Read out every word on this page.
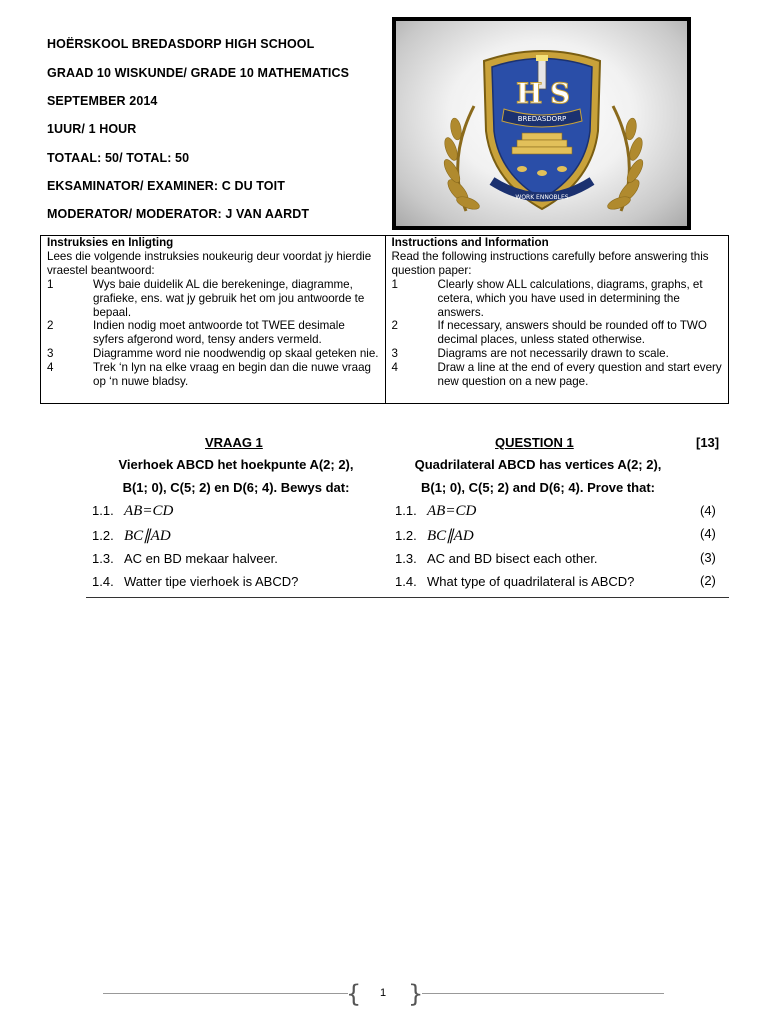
HOËRSKOOL BREDASDORP HIGH SCHOOL
GRAAD 10 WISKUNDE/ GRADE 10 MATHEMATICS
SEPTEMBER 2014
1UUR/ 1 HOUR
TOTAAL: 50/ TOTAL: 50
EKSAMINATOR/ EXAMINER: C DU TOIT
MODERATOR/ MODERATOR: J VAN AARDT
H S
BREDASDORP
WORK ENNOBLES
Instruksies en Inligting
Lees die volgende instruksies noukeurig deur voordat jy hierdie vraestel beantwoord:
1	Wys baie duidelik AL die berekeninge, diagramme, grafieke, ens. wat jy gebruik het om jou antwoorde te bepaal.
2	Indien nodig moet antwoorde tot TWEE desimale syfers afgerond word, tensy anders vermeld.
3	Diagramme word nie noodwendig op skaal geteken nie.
4	Trek ‘n lyn na elke vraag en begin dan die nuwe vraag op ‘n nuwe bladsy.
Instructions and Information
Read the following instructions carefully before answering this question paper:
1	Clearly show ALL calculations, diagrams, graphs, et cetera, which you have used in determining the answers.
2	If necessary, answers should be rounded off to TWO decimal places, unless stated otherwise.
3	Diagrams are not necessarily drawn to scale.
4	Draw a line at the end of every question and start every new question on a new page.
VRAAG 1	QUESTION 1	[13]
Vierhoek ABCD het hoekpunte A(2; 2),
B(1; 0), C(5; 2) en D(6; 4). Bewys dat:
Quadrilateral ABCD has vertices A(2; 2),
B(1; 0), C(5; 2) and D(6; 4). Prove that:
1.1. AB=CD	1.1. AB=CD	(4)
1.2. BC∥AD	1.2. BC∥AD	(4)
1.3. AC en BD mekaar halveer.	1.3. AC and BD bisect each other.	(3)
1.4. Watter tipe vierhoek is ABCD?	1.4. What type of quadrilateral is ABCD?	(2)
{ 1 }
